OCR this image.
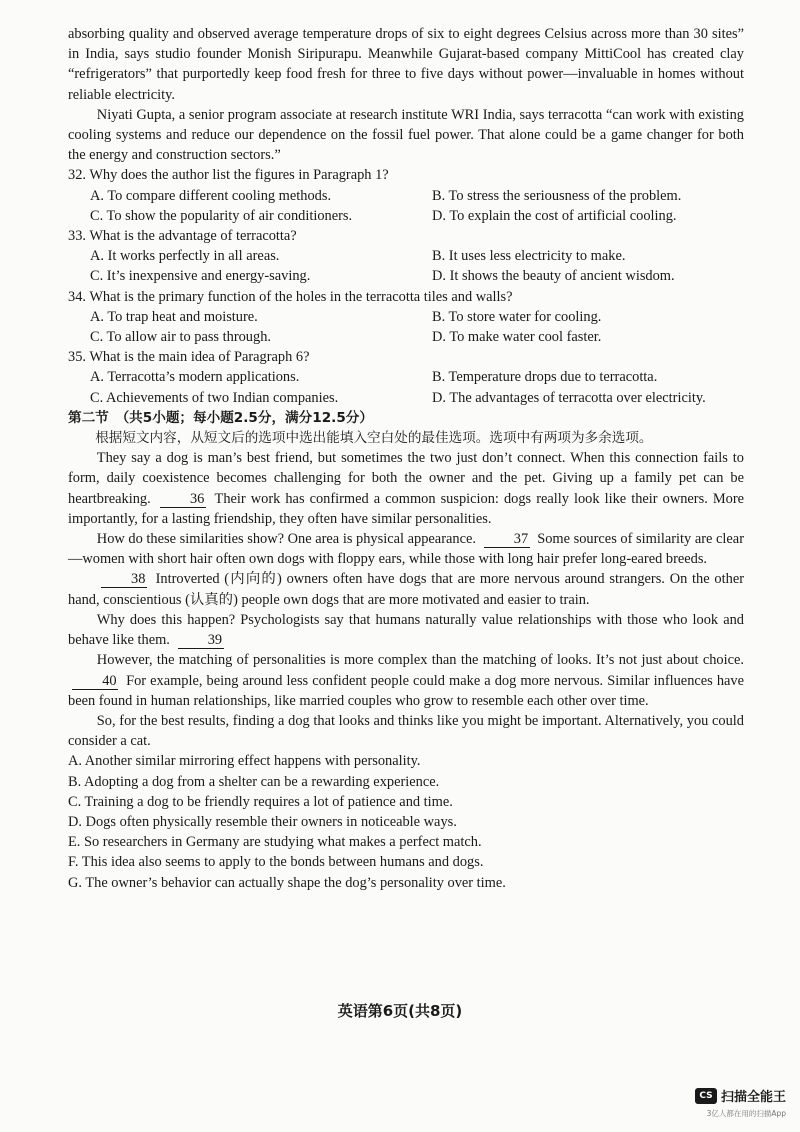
absorbing quality and observed average temperature drops of six to eight degrees Celsius across more than 30 sites” in India, says studio founder Monish Siripurapu. Meanwhile Gujarat-based company MittiCool has created clay “refrigerators” that purportedly keep food fresh for three to five days without power—invaluable in homes without reliable electricity.

Niyati Gupta, a senior program associate at research institute WRI India, says terracotta “can work with existing cooling systems and reduce our dependence on the fossil fuel power. That alone could be a game changer for both the energy and construction sectors.”

32. Why does the author list the figures in Paragraph 1?

A. To compare different cooling methods.	B. To stress the seriousness of the problem.
C. To show the popularity of air conditioners.	D. To explain the cost of artificial cooling.

33. What is the advantage of terracotta?

A. It works perfectly in all areas.	B. It uses less electricity to make.
C. It’s inexpensive and energy-saving.	D. It shows the beauty of ancient wisdom.

34. What is the primary function of the holes in the terracotta tiles and walls?

A. To trap heat and moisture.	B. To store water for cooling.
C. To allow air to pass through.	D. To make water cool faster.

35. What is the main idea of Paragraph 6?

A. Terracotta’s modern applications.	B. Temperature drops due to terracotta.
C. Achievements of two Indian companies.	D. The advantages of terracotta over electricity.

第二节　（共5小题；每小题2.5分，满分12.5分）

根据短文内容，从短文后的选项中选出能填入空白处的最佳选项。选项中有两项为多余选项。

They say a dog is man’s best friend, but sometimes the two just don’t connect. When this connection fails to form, daily coexistence becomes challenging for both the owner and the pet. Giving up a family pet can be heartbreaking.	36 Their work has confirmed a common suspicion: dogs really look like their owners. More importantly, for a lasting friendship, they often have similar personalities.

How do these similarities show? One area is physical appearance.	37 Some sources of similarity are clear—women with short hair often own dogs with floppy ears, while those with long hair prefer long-eared breeds.

38 Introverted (内向的) owners often have dogs that are more nervous around strangers. On the other hand, conscientious (认真的) people own dogs that are more motivated and easier to train.

Why does this happen? Psychologists say that humans naturally value relationships with those who look and behave like them.	39

However, the matching of personalities is more complex than the matching of looks. It’s not just about choice. 40 For example, being around less confident people could make a dog more nervous. Similar influences have been found in human relationships, like married couples who grow to resemble each other over time.

So, for the best results, finding a dog that looks and thinks like you might be important. Alternatively, you could consider a cat.

A. Another similar mirroring effect happens with personality.

B. Adopting a dog from a shelter can be a rewarding experience.

C. Training a dog to be friendly requires a lot of patience and time.

D. Dogs often physically resemble their owners in noticeable ways.

E. So researchers in Germany are studying what makes a perfect match.

F. This idea also seems to apply to the bonds between humans and dogs.

G. The owner’s behavior can actually shape the dog’s personality over time.

英语第6页(共8页)
CS 扫描全能王
3亿人都在用的扫描App
